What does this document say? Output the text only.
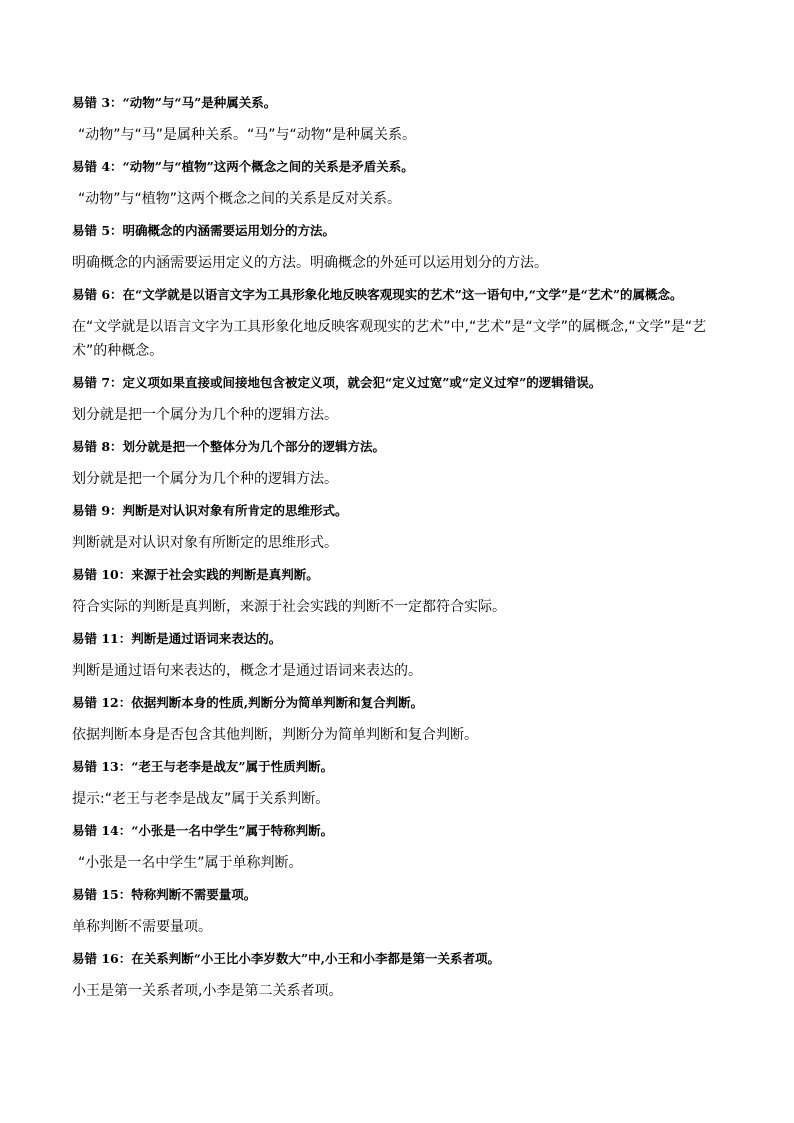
易错 3：“动物”与“马”是种属关系。
“动物”与“马”是属种关系。“马”与“动物”是种属关系。
易错 4：“动物”与“植物”这两个概念之间的关系是矛盾关系。
“动物”与“植物”这两个概念之间的关系是反对关系。
易错 5：明确概念的内涵需要运用划分的方法。
明确概念的内涵需要运用定义的方法。明确概念的外延可以运用划分的方法。
易错 6：在“文学就是以语言文字为工具形象化地反映客观现实的艺术”这一语句中,“文学”是“艺术”的属概念。
在“文学就是以语言文字为工具形象化地反映客观现实的艺术”中,“艺术”是“文学”的属概念,“文学”是“艺术”的种概念。
易错 7：定义项如果直接或间接地包含被定义项，就会犯“定义过宽”或“定义过窄”的逻辑错误。
划分就是把一个属分为几个种的逻辑方法。
易错 8：划分就是把一个整体分为几个部分的逻辑方法。
划分就是把一个属分为几个种的逻辑方法。
易错 9：判断是对认识对象有所肯定的思维形式。
判断就是对认识对象有所断定的思维形式。
易错 10：来源于社会实践的判断是真判断。
符合实际的判断是真判断，来源于社会实践的判断不一定都符合实际。
易错 11：判断是通过语词来表达的。
判断是通过语句来表达的，概念才是通过语词来表达的。
易错 12：依据判断本身的性质,判断分为简单判断和复合判断。
依据判断本身是否包含其他判断，判断分为简单判断和复合判断。
易错 13：“老王与老李是战友”属于性质判断。
提示:“老王与老李是战友”属于关系判断。
易错 14：“小张是一名中学生”属于特称判断。
“小张是一名中学生”属于单称判断。
易错 15：特称判断不需要量项。
单称判断不需要量项。
易错 16：在关系判断“小王比小李岁数大”中,小王和小李都是第一关系者项。
小王是第一关系者项,小李是第二关系者项。
